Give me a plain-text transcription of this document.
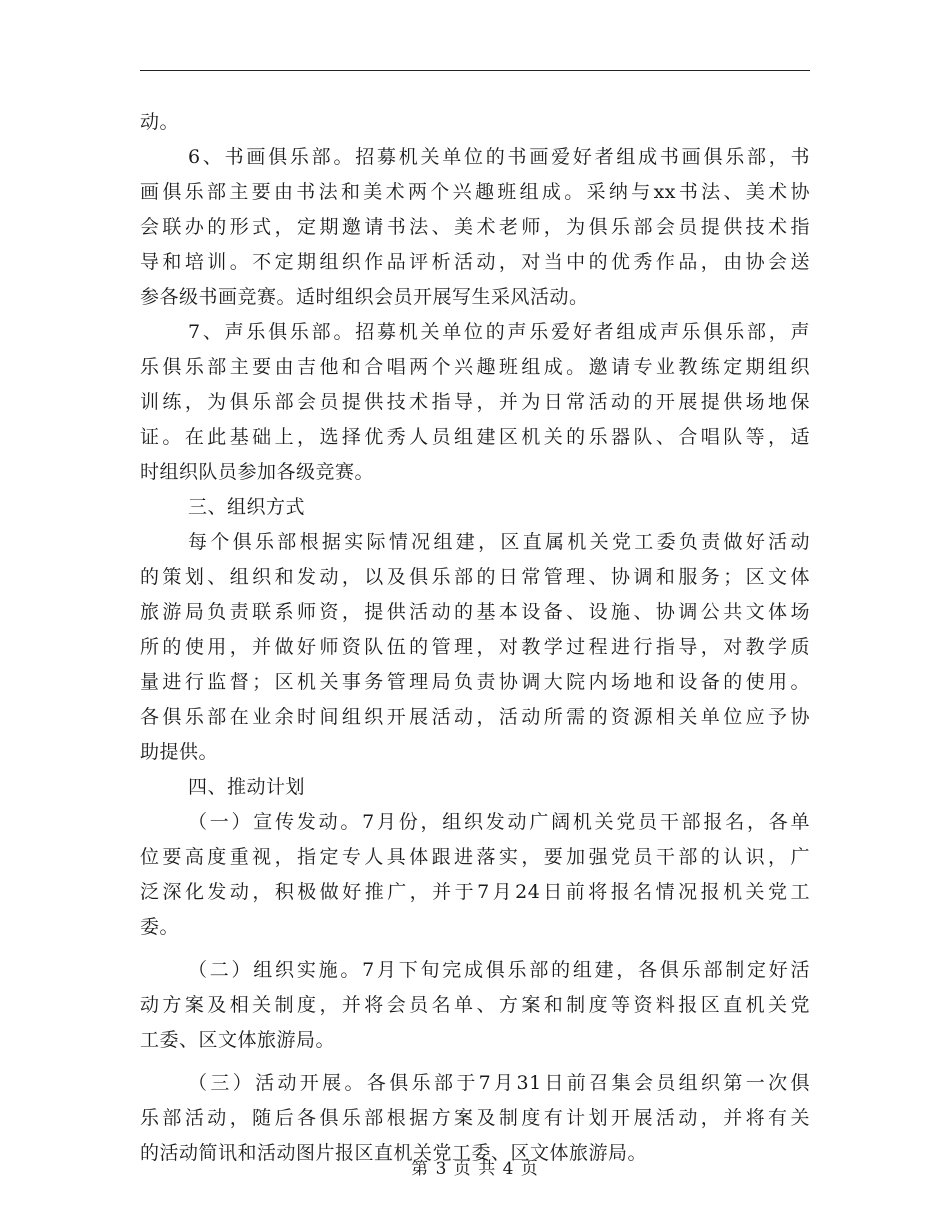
动。
6、书画俱乐部。招募机关单位的书画爱好者组成书画俱乐部，书
画俱乐部主要由书法和美术两个兴趣班组成。采纳与xx书法、美术协
会联办的形式，定期邀请书法、美术老师，为俱乐部会员提供技术指
导和培训。不定期组织作品评析活动，对当中的优秀作品，由协会送
参各级书画竞赛。适时组织会员开展写生采风活动。
7、声乐俱乐部。招募机关单位的声乐爱好者组成声乐俱乐部，声
乐俱乐部主要由吉他和合唱两个兴趣班组成。邀请专业教练定期组织
训练，为俱乐部会员提供技术指导，并为日常活动的开展提供场地保
证。在此基础上，选择优秀人员组建区机关的乐器队、合唱队等，适
时组织队员参加各级竞赛。
三、组织方式
每个俱乐部根据实际情况组建，区直属机关党工委负责做好活动
的策划、组织和发动，以及俱乐部的日常管理、协调和服务；区文体
旅游局负责联系师资，提供活动的基本设备、设施、协调公共文体场
所的使用，并做好师资队伍的管理，对教学过程进行指导，对教学质
量进行监督；区机关事务管理局负责协调大院内场地和设备的使用。
各俱乐部在业余时间组织开展活动，活动所需的资源相关单位应予协
助提供。
四、推动计划
（一）宣传发动。7月份，组织发动广阔机关党员干部报名，各单
位要高度重视，指定专人具体跟进落实，要加强党员干部的认识，广
泛深化发动，积极做好推广，并于7月24日前将报名情况报机关党工
委。
（二）组织实施。7月下旬完成俱乐部的组建，各俱乐部制定好活
动方案及相关制度，并将会员名单、方案和制度等资料报区直机关党
工委、区文体旅游局。
（三）活动开展。各俱乐部于7月31日前召集会员组织第一次俱
乐部活动，随后各俱乐部根据方案及制度有计划开展活动，并将有关
的活动简讯和活动图片报区直机关党工委、区文体旅游局。
第 3 页 共 4 页
